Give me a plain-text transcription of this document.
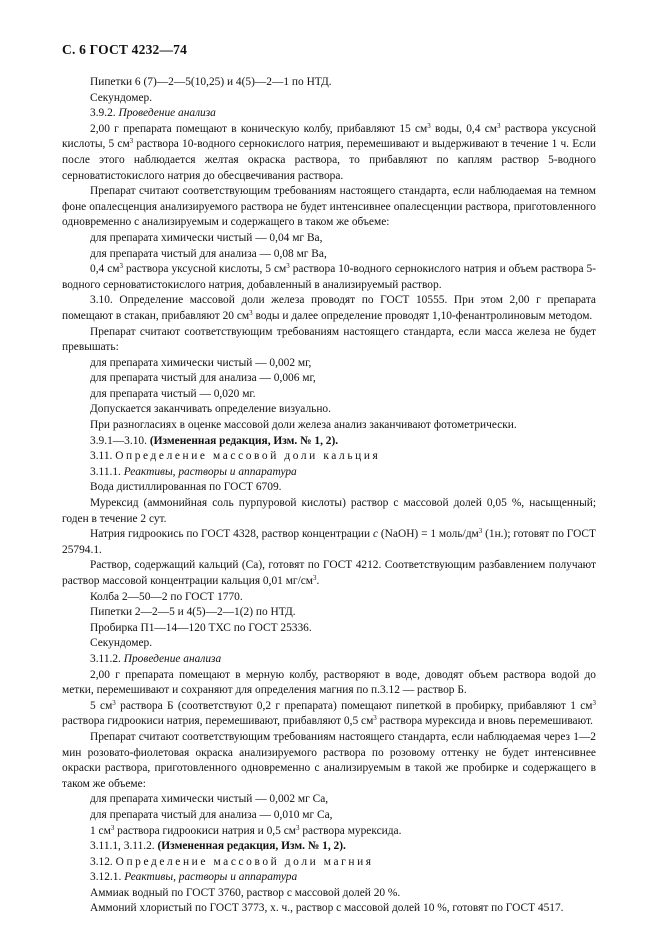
С. 6 ГОСТ 4232—74

Пипетки 6 (7)—2—5(10,25) и 4(5)—2—1 по НТД.

Секундомер.

3.9.2. Проведение анализа

2,00 г препарата помещают в коническую колбу, прибавляют 15 $см^3$ воды, 0,4 $см^3$ раствора уксусной кислоты, 5 $см^3$ раствора 10-водного сернокислого натрия, перемешивают и выдерживают в течение 1 ч. Если после этого наблюдается желтая окраска раствора, то прибавляют по каплям раствор 5-водного серноватистокислого натрия до обесцвечивания раствора.

Препарат считают соответствующим требованиям настоящего стандарта, если наблюдаемая на темном фоне опалесценция анализируемого раствора не будет интенсивнее опалесценции раствора, приготовленного одновременно с анализируемым и содержащего в таком же объеме:

для препарата химически чистый — 0,04 мг Ва,

для препарата чистый для анализа — 0,08 мг Ва,

0,4 $см^3$ раствора уксусной кислоты, 5 $см^3$ раствора 10-водного сернокислого натрия и объем раствора 5-водного серноватистокислого натрия, добавленный в анализируемый раствор.

3.10. Определение массовой доли железа проводят по ГОСТ 10555. При этом 2,00 г препарата помещают в стакан, прибавляют 20 $см^3$ воды и далее определение проводят 1,10-фенантролиновым методом.

Препарат считают соответствующим требованиям настоящего стандарта, если масса железа не будет превышать:

для препарата химически чистый — 0,002 мг,

для препарата чистый для анализа — 0,006 мг,

для препарата чистый — 0,020 мг.

Допускается заканчивать определение визуально.

При разногласиях в оценке массовой доли железа анализ заканчивают фотометрически.

3.9.1—3.10. (Измененная редакция, Изм. № 1, 2).

3.11. Определение массовой доли кальция

3.11.1. Реактивы, растворы и аппаратура

Вода дистиллированная по ГОСТ 6709.

Мурексид (аммонийная соль пурпуровой кислоты) раствор с массовой долей 0,05 %, насыщенный; годен в течение 2 сут.

Натрия гидроокись по ГОСТ 4328, раствор концентрации с (NaOH) = 1 моль/$дм^3$ (1н.); готовят по ГОСТ 25794.1.

Раствор, содержащий кальций (Са), готовят по ГОСТ 4212. Соответствующим разбавлением получают раствор массовой концентрации кальция 0,01 $мг/см^3$.

Колба 2—50—2 по ГОСТ 1770.

Пипетки 2—2—5 и 4(5)—2—1(2) по НТД.

Пробирка П1—14—120 ТХС по ГОСТ 25336.

Секундомер.

3.11.2. Проведение анализа

2,00 г препарата помещают в мерную колбу, растворяют в воде, доводят объем раствора водой до метки, перемешивают и сохраняют для определения магния по п.3.12 — раствор Б.

5 $см^3$ раствора Б (соответствуют 0,2 г препарата) помещают пипеткой в пробирку, прибавляют 1 $см^3$ раствора гидроокиси натрия, перемешивают, прибавляют 0,5 $см^3$ раствора мурексида и вновь перемешивают.

Препарат считают соответствующим требованиям настоящего стандарта, если наблюдаемая через 1—2 мин розовато-фиолетовая окраска анализируемого раствора по розовому оттенку не будет интенсивнее окраски раствора, приготовленного одновременно с анализируемым в такой же пробирке и содержащего в таком же объеме:

для препарата химически чистый — 0,002 мг Са,

для препарата чистый для анализа — 0,010 мг Са,

1 $см^3$ раствора гидроокиси натрия и 0,5 $см^3$ раствора мурексида.

3.11.1, 3.11.2. (Измененная редакция, Изм. № 1, 2).

3.12. Определение массовой доли магния

3.12.1. Реактивы, растворы и аппаратура

Аммиак водный по ГОСТ 3760, раствор с массовой долей 20 %.

Аммоний хлористый по ГОСТ 3773, х. ч., раствор с массовой долей 10 %, готовят по ГОСТ 4517.
